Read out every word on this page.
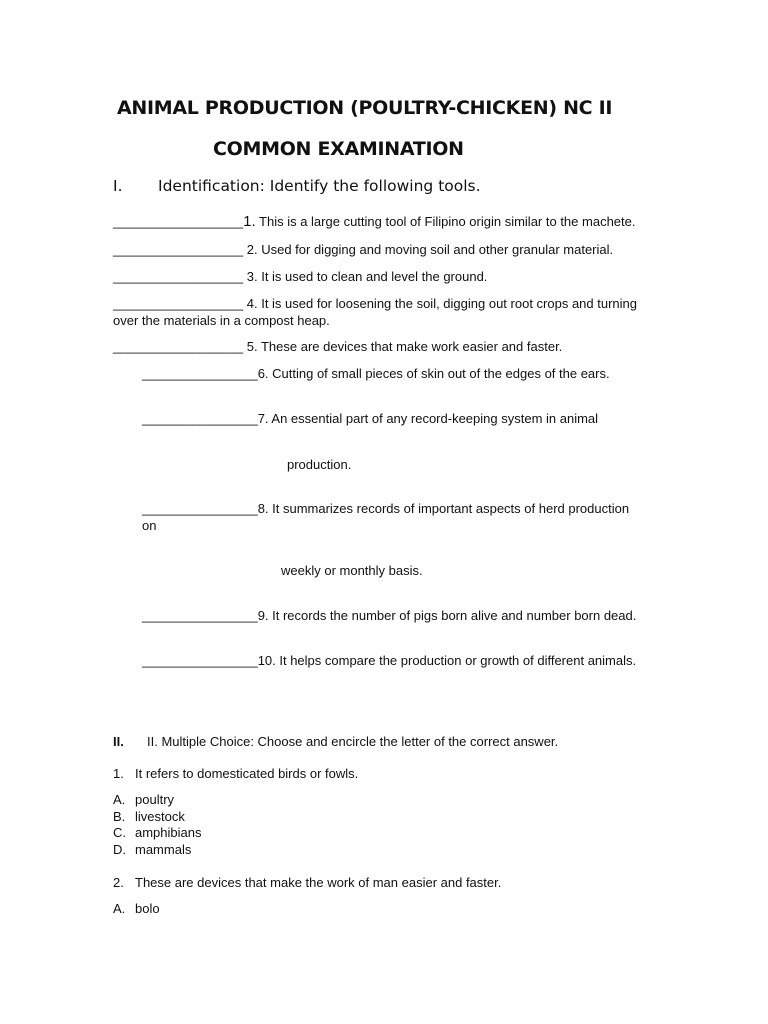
ANIMAL PRODUCTION (POULTRY-CHICKEN) NC II
COMMON EXAMINATION
I. Identification: Identify the following tools.
__________________1. This is a large cutting tool of Filipino origin similar to the machete.
__________________ 2. Used for digging and moving soil and other granular material.
__________________ 3. It is used to clean and level the ground.
__________________ 4. It is used for loosening the soil, digging out root crops and turning
over the materials in a compost heap.
__________________ 5. These are devices that make work easier and faster.
________________6. Cutting of small pieces of skin out of the edges of the ears.
________________7. An essential part of any record-keeping system in animal
production.
________________8. It summarizes records of important aspects of herd production
on
weekly or monthly basis.
________________9. It records the number of pigs born alive and number born dead.
________________10. It helps compare the production or growth of different animals.
II. II. Multiple Choice: Choose and encircle the letter of the correct answer.
1. It refers to domesticated birds or fowls.
A. poultry
B. livestock
C. amphibians
D. mammals
2. These are devices that make the work of man easier and faster.
A. bolo
